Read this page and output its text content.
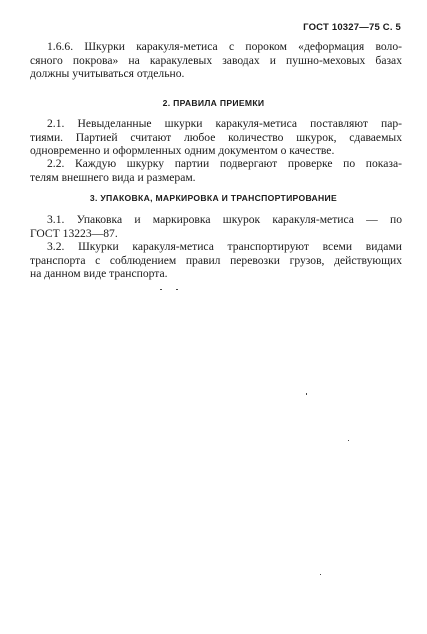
ГОСТ 10327—75 С. 5
1.6.6. Шкурки каракуля-метиса с пороком «деформация воло-
сяного покрова» на каракулевых заводах и пушно-меховых базах
должны учитываться отдельно.
2. ПРАВИЛА ПРИЕМКИ
2.1. Невыделанные шкурки каракуля-метиса поставляют пар-
тиями. Партией считают любое количество шкурок, сдаваемых
одновременно и оформленных одним документом о качестве.
2.2. Каждую шкурку партии подвергают проверке по показа-
телям внешнего вида и размерам.
3. УПАКОВКА, МАРКИРОВКА И ТРАНСПОРТИРОВАНИЕ
3.1. Упаковка и маркировка шкурок каракуля-метиса — по
ГОСТ 13223—87.
3.2. Шкурки каракуля-метиса транспортируют всеми видами
транспорта с соблюдением правил перевозки грузов, действующих
на данном виде транспорта.
